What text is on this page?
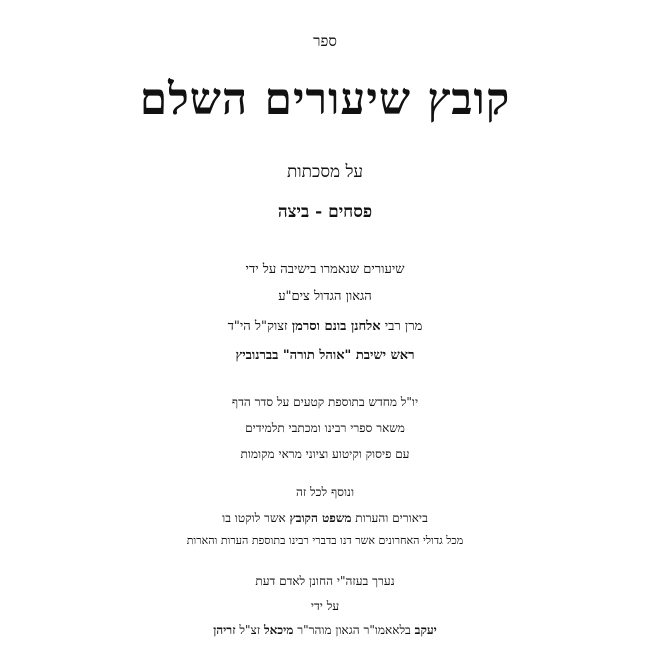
ספר
קובץ שיעורים השלם
על מסכתות
פסחים - ביצה
שיעורים שנאמרו בישיבה על ידי
הגאון הגדול צים"ע
מרן רבי אלחנן בונם וסרמן זצוק"ל הי"ד
ראש ישיבת "אוהל תורה" בברנוביץ
יו"ל מחדש בתוספת קטעים על סדר הדף
משאר ספרי רבינו ומכתבי תלמידים
עם פיסוק וקיטוע וציוני מראי מקומות
ונוסף לכל זה
ביאורים והערות משפט הקובץ אשר לוקטו בו
מכל גדולי האחרונים אשר דנו בדברי רבינו בתוספת הערות והארות
נערך בעזה"י החונן לאדם דעת
על ידי
יעקב בלאאמו"ר הגאון מוהר"ר מיכאל זצ"ל זריהן
